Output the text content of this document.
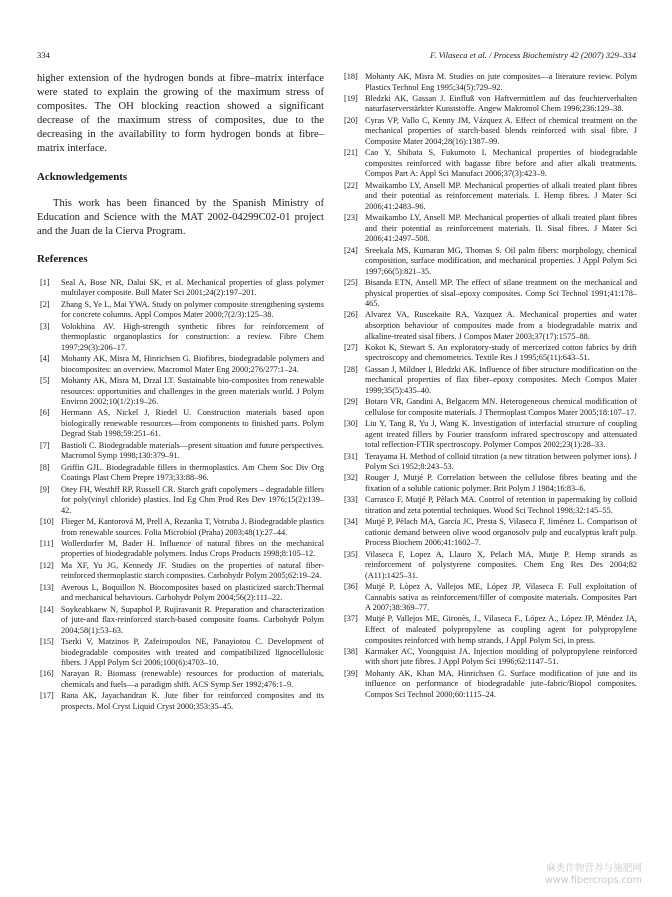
334	F. Vilaseca et al. / Process Biochemistry 42 (2007) 329–334

higher extension of the hydrogen bonds at fibre–matrix interface were stated to explain the growing of the maximum stress of composites. The OH blocking reaction showed a significant decrease of the maximum stress of composites, due to the decreasing in the availability to form hydrogen bonds at fibre–matrix interface.

Acknowledgements

This work has been financed by the Spanish Ministry of Education and Science with the MAT 2002-04299C02-01 project and the Juan de la Cierva Program.

References

[1] Seal A, Bose NR, Dalui SK, et al. Mechanical properties of glass polymer multilayer composite. Bull Mater Sci 2001;24(2):197–201.
[2] Zhang S, Ye L, Mai YWA. Study on polymer composite strengthening systems for concrete columns. Appl Compos Mater 2000;7(2/3):125–38.
[3] Volokhina AV. High-strength synthetic fibres for reinforcement of thermoplastic organoplastics for construction: a review. Fibre Chem 1997;29(3):206–17.
[4] Mohanty AK, Misra M, Hinrichsen G. Biofibres, biodegradable polymers and biocomposites: an overview. Macromol Mater Eng 2000;276/277:1–24.
[5] Mohanty AK, Misra M, Drzal LT. Sustainable bio-composites from renewable resources: opportunities and challenges in the green materials world. J Polym Environ 2002;10(1/2):19–26.
[6] Hermann AS, Nickel J, Riedel U. Construction materials based upon biologically renewable resources—from components to finished parts. Polym Degrad Stab 1998;59:251–61.
[7] Bastioli C. Biodegradable materials—present situation and future perspectives. Macromol Symp 1998;130:379–91.
[8] Griffin GJL. Biodegradable fillers in thermoplastics. Am Chem Soc Div Org Coatings Plast Chem Prepre 1973;33:88–96.
[9] Otey FH, Westhff RP, Russell CR. Starch graft copolymers – degradable fillers for poly(vinyl chloride) plastics. Ind Eg Chm Prod Res Dev 1976;15(2):139–42.
[10] Flieger M, Kantorová M, Prell A, Rezanka T, Votruba J. Biodegradable plastics from renewable sources. Folia Microbiol (Praha) 2003;48(1):27–44.
[11] Wollerdorfer M, Bader H. Influence of natural fibres on the mechanical properties of biodegradable polymers. Indus Crops Products 1998;8:105–12.
[12] Ma XF, Yu JG, Kennedy JF. Studies on the properties of natural fiber-reinforced thermoplastic starch composites. Carbohydr Polym 2005;62:19–24.
[13] Averous L, Boquillon N. Biocomposites based on plasticized starch:Thermal and mechanical behaviours. Carbohydr Polym 2004;56(2):111–22.
[14] Soykeabkaew N, Supaphol P, Rujiravanit R. Preparation and characterization of jute-and flax-reinforced starch-based composite foams. Carbohydr Polym 2004;58(1):53–63.
[15] Tserki V, Matzinos P, Zafeiropoulos NE, Panayiotou C. Development of biodegradable composites with treated and compatibilized lignocellulosic fibers. J Appl Polym Sci 2006;100(6):4703–10.
[16] Narayan R. Biomass (renewable) resources for production of materials, chemicals and fuels—a paradigm shift. ACS Symp Ser 1992;476:1–9.
[17] Rana AK, Jayachandran K. Jute fiber for reinforced composites and its prospects. Mol Cryst Liquid Cryst 2000;353:35–45.
[18] Mohanty AK, Misra M. Studies on jute composites—a literature review. Polym Plastics Technol Eng 1995;34(5):729–92.
[19] Bledzki AK, Gassan J. Einfluß von Haftvermittlem auf das feuchterverhalten naturfaserverstärkter Kunststoffe. Angew Makromol Chem 1996;236:129–38.
[20] Cyras VP, Vallo C, Kenny JM, Vázquez A. Effect of chemical treatment on the mechanical properties of starch-based blends reinforced with sisal fibre. J Composite Mater 2004;28(16):1387–99.
[21] Cao Y, Shibata S, Fukumoto I. Mechanical properties of biodegradable composites reinforced with bagasse fibre before and after alkali treatments. Compos Part A: Appl Sci Manufact 2006;37(3):423–9.
[22] Mwaikambo LY, Ansell MP. Mechanical properties of alkali treated plant fibres and their potential as reinforcement materials. I. Hemp fibres. J Mater Sci 2006;41:2483–96.
[23] Mwaikambo LY, Ansell MP. Mechanical properties of alkali treated plant fibres and their potential as reinforcement materials. II. Sisal fibres. J Mater Sci 2006;41:2497–508.
[24] Sreekala MS, Kumaran MG, Thomas S. Oil palm fibers: morphology, chemical composition, surface modification, and mechanical properties. J Appl Polym Sci 1997;66(5):821–35.
[25] Bisanda ETN, Ansell MP. The effect of silane treatment on the mechanical and physical properties of sisal–epoxy composites. Comp Sci Technol 1991;41:178–465.
[26] Alvarez VA, Ruscekaite RA, Vazquez A. Mechanical properties and water absorption behaviour of composites made from a biodegradable matrix and alkaline-treated sisal fibers. J Compos Mater 2003;37(17):1575–88.
[27] Kokot K, Stewart S. An exploratory-study of mercerized cotton fabrics by drift spectroscopy and chemometrics. Textile Res J 1995;65(11):643–51.
[28] Gassan J, Mildner I, Bledzki AK. Influence of fiber structure modification on the mechanical properties of flax fiber–epoxy composites. Mech Compos Mater 1999;35(5):435–40.
[29] Botaro VR, Gandini A, Belgacem MN. Heterogeneous chemical modification of cellulose for composite materials. J Thermoplast Compos Mater 2005;18:107–17.
[30] Liu Y, Tang R, Yu J, Wang K. Investigation of interfacial structure of coupling agent treated fillers by Fourier transform infrared spectroscopy and attenuated total reflection-FTIR spectroscopy. Polymer Compos 2002;23(1):28–33.
[31] Terayama H. Method of colloid titration (a new titration between polymer ions). J Polym Sci 1952;8:243–53.
[32] Rouger J, Mutjé P. Correlation between the cellulose fibres beating and the fixation of a soluble cationic polymer. Brit Polym J 1984;16:83–6.
[33] Carrasco F, Mutjé P, Pèlach MA. Control of retention in papermaking by colloid titration and zeta potential techniques. Wood Sci Technol 1998;32:145–55.
[34] Mutjé P, Pèlach MA, García JC, Presta S, Vilaseca F, Jiménez L. Comparison of cationic demand between olive wood organosolv pulp and eucalyptus kraft pulp. Process Biochem 2006;41:1602–7.
[35] Vilaseca F, Lopez A, Llauro X, Pelach MA, Mutje P. Hemp strands as reinforcement of polystyrene composites. Chem Eng Res Des 2004;82 (A11):1425–31.
[36] Mutjé P, Lòpez A, Vallejos ME, López JP, Vilaseca F. Full exploitation of Cannabis sativa as reinforcement/filler of composite materials. Composites Part A 2007;38:369–77.
[37] Mutjé P, Vallejos ME, Gironès, J., Vilaseca F., López A., López JP, Méndez JA, Effect of maleated polypropylene as coupling agent for polypropylene composites reinforced with hemp strands, J Appl Polym Sci, in press.
[38] Karmaker AC, Youngquist JA. Injection moulding of polypropylene reinforced with short jute fibres. J Appl Polym Sci 1996;62:1147–51.
[39] Mohanty AK, Khan MA, Hinrichsen G. Surface modification of jute and its influence on performance of biodegradable jute–fabric/Biopol composites. Compos Sci Technol 2000;60:1115–24.
麻类作物营养与施肥网
www.fibercrops.com
